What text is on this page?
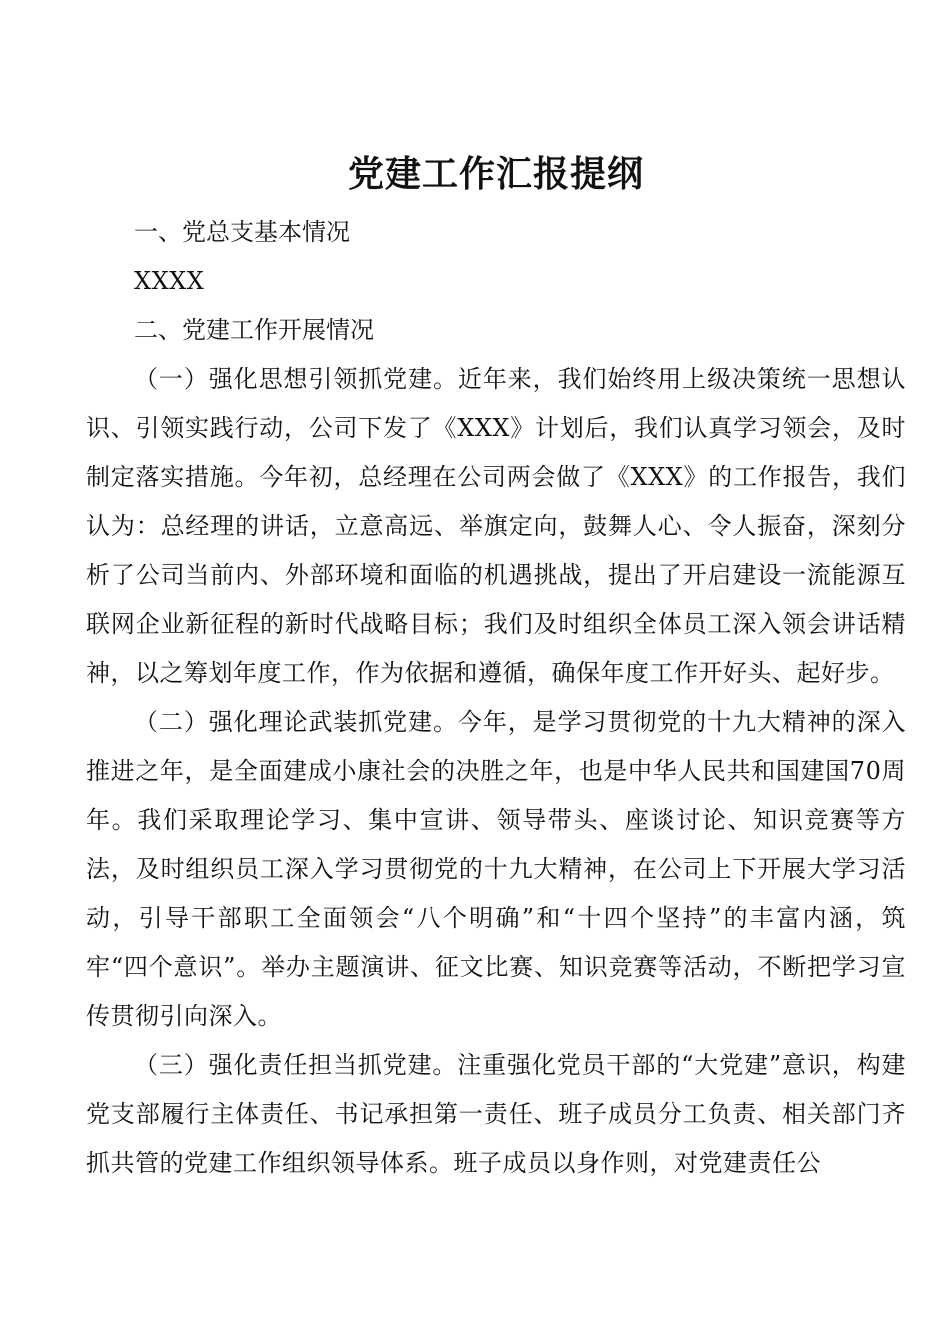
党建工作汇报提纲

一、党总支基本情况

XXXX

二、党建工作开展情况

（一）强化思想引领抓党建。近年来，我们始终用上级决策统一思想认识、引领实践行动，公司下发了《XXX》计划后，我们认真学习领会，及时制定落实措施。今年初，总经理在公司两会做了《XXX》的工作报告，我们认为：总经理的讲话，立意高远、举旗定向，鼓舞人心、令人振奋，深刻分析了公司当前内、外部环境和面临的机遇挑战，提出了开启建设一流能源互联网企业新征程的新时代战略目标；我们及时组织全体员工深入领会讲话精神，以之筹划年度工作，作为依据和遵循，确保年度工作开好头、起好步。

（二）强化理论武装抓党建。今年，是学习贯彻党的十九大精神的深入推进之年，是全面建成小康社会的决胜之年，也是中华人民共和国建国70周年。我们采取理论学习、集中宣讲、领导带头、座谈讨论、知识竞赛等方法，及时组织员工深入学习贯彻党的十九大精神，在公司上下开展大学习活动，引导干部职工全面领会“八个明确”和“十四个坚持”的丰富内涵，筑牢“四个意识”。举办主题演讲、征文比赛、知识竞赛等活动，不断把学习宣传贯彻引向深入。

（三）强化责任担当抓党建。注重强化党员干部的“大党建”意识，构建党支部履行主体责任、书记承担第一责任、班子成员分工负责、相关部门齐抓共管的党建工作组织领导体系。班子成员以身作则，对党建责任公
